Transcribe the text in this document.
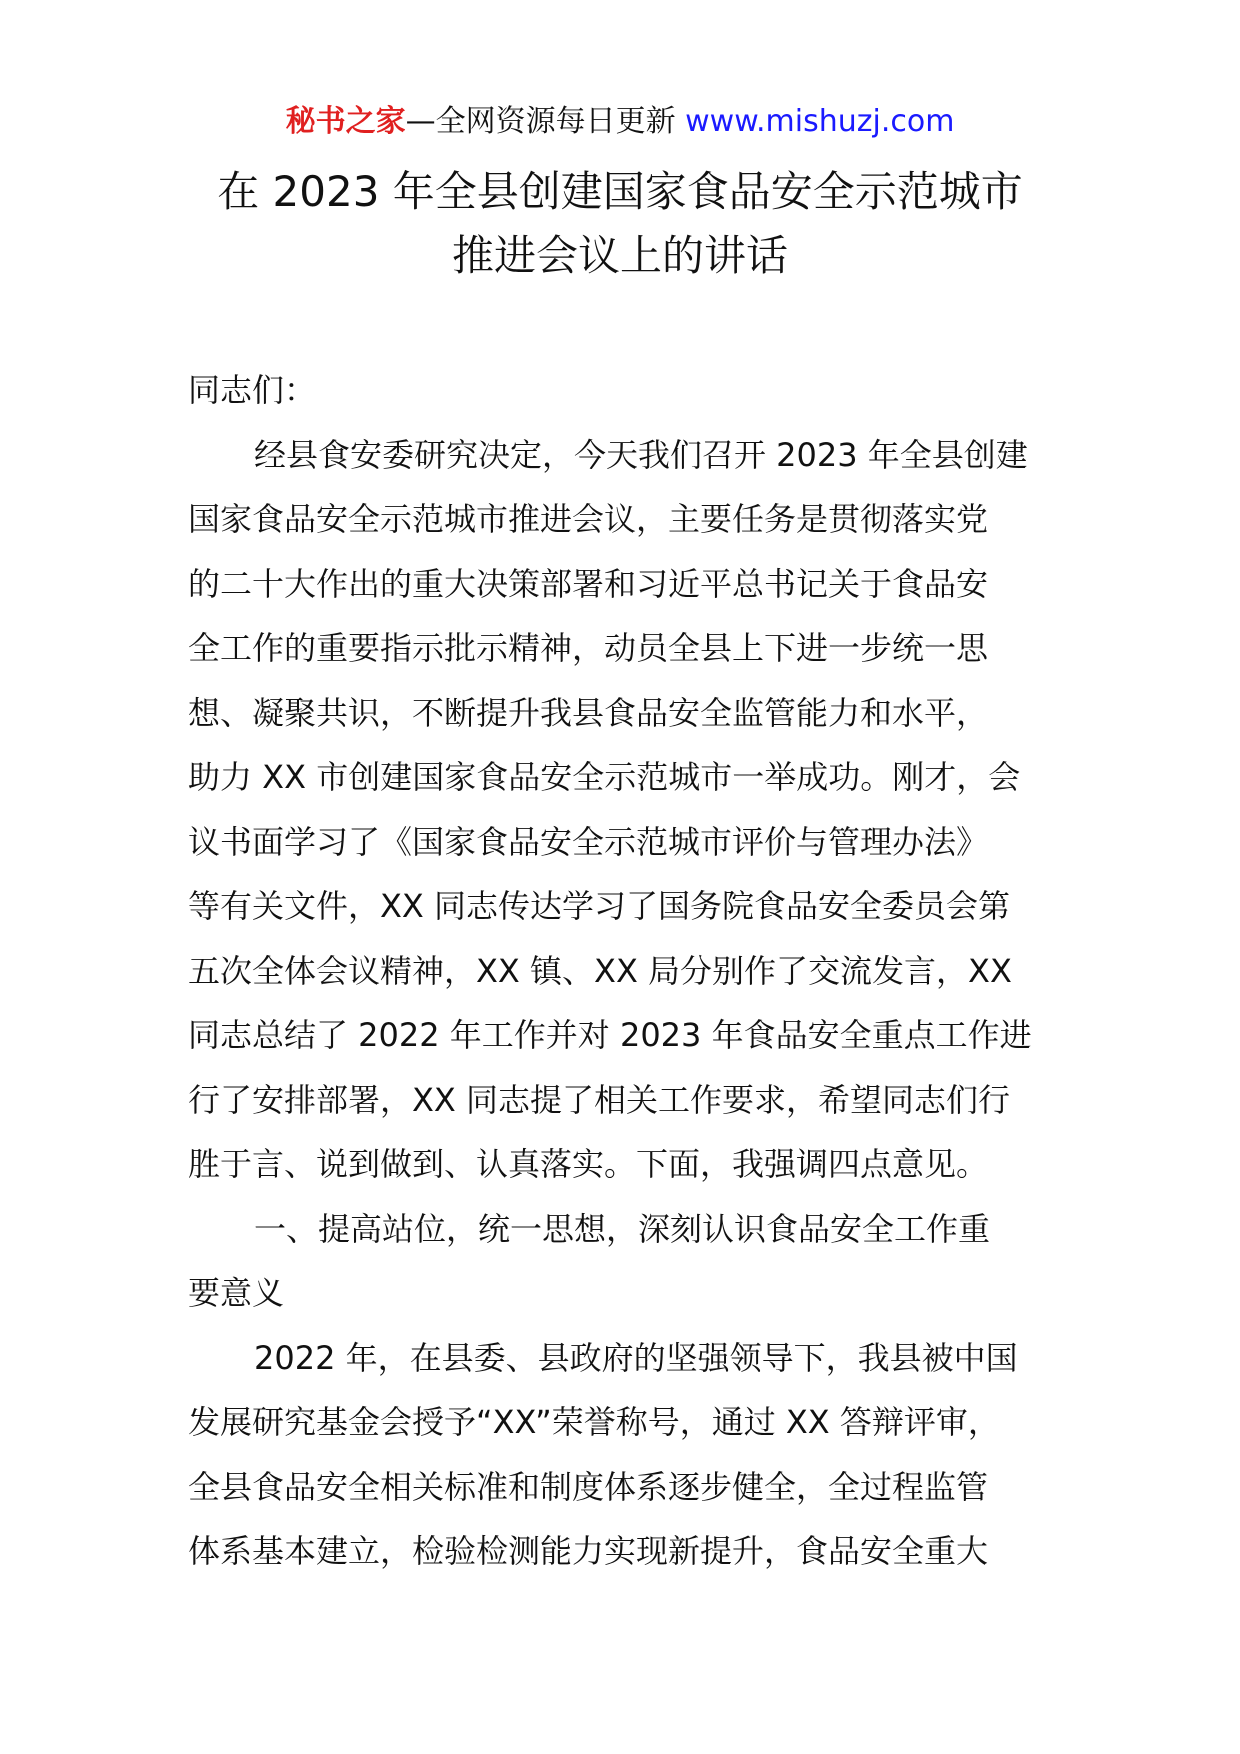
秘书之家—全网资源每日更新 www.mishuzj.com
在 2023 年全县创建国家食品安全示范城市
推进会议上的讲话
同志们：
经县食安委研究决定，今天我们召开 2023 年全县创建
国家食品安全示范城市推进会议，主要任务是贯彻落实党
的二十大作出的重大决策部署和习近平总书记关于食品安
全工作的重要指示批示精神，动员全县上下进一步统一思
想、凝聚共识，不断提升我县食品安全监管能力和水平，
助力 XX 市创建国家食品安全示范城市一举成功。刚才，会
议书面学习了《国家食品安全示范城市评价与管理办法》
等有关文件，XX 同志传达学习了国务院食品安全委员会第
五次全体会议精神，XX 镇、XX 局分别作了交流发言，XX
同志总结了 2022 年工作并对 2023 年食品安全重点工作进
行了安排部署，XX 同志提了相关工作要求，希望同志们行
胜于言、说到做到、认真落实。下面，我强调四点意见。
一、提高站位，统一思想，深刻认识食品安全工作重
要意义
2022 年，在县委、县政府的坚强领导下，我县被中国
发展研究基金会授予“XX”荣誉称号，通过 XX 答辩评审，
全县食品安全相关标准和制度体系逐步健全，全过程监管
体系基本建立，检验检测能力实现新提升，食品安全重大
